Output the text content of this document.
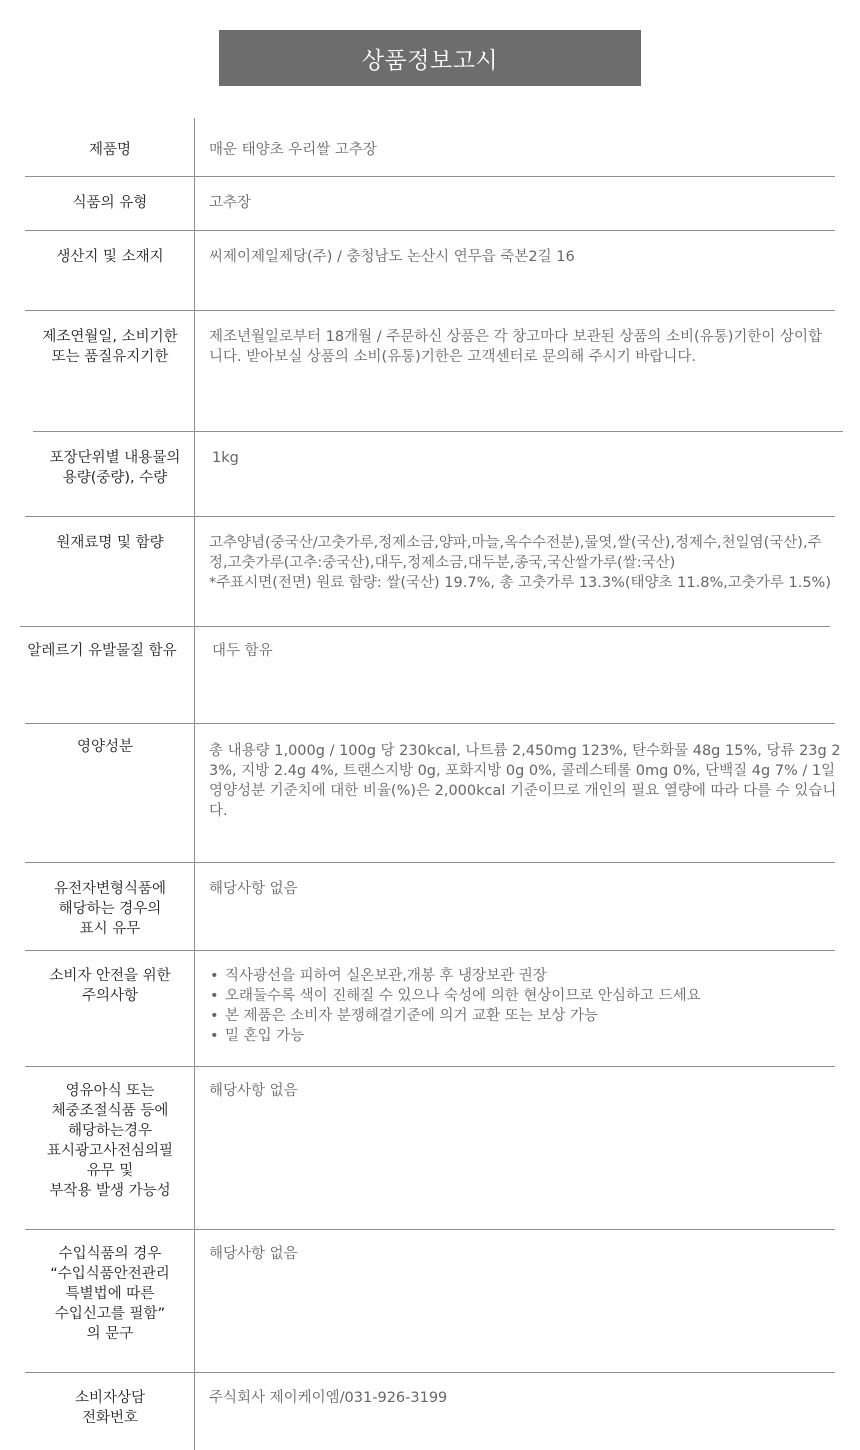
상품정보고시
제품명
식품의 유형
생산지 및 소재지
제조연월일, 소비기한
또는 품질유지기한
포장단위별 내용물의
용량(중량), 수량
원재료명 및 함량
알레르기 유발물질 함유
영양성분
유전자변형식품에
해당하는 경우의
표시 유무
소비자 안전을 위한
주의사항
영유아식 또는
체중조절식품 등에
해당하는경우
표시광고사전심의필
유무 및
부작용 발생 가능성
수입식품의 경우
“수입식품안전관리
특별법에 따른
수입신고를 필함”
의 문구
소비자상담
전화번호
매운 태양초 우리쌀 고추장
고추장
씨제이제일제당(주) / 충청남도 논산시 연무읍 죽본2길 16
제조년월일로부터 18개월 / 주문하신 상품은 각 창고마다 보관된 상품의 소비(유통)기한이 상이합니다. 받아보실 상품의 소비(유통)기한은 고객센터로 문의해 주시기 바랍니다.
1kg
고추양념(중국산/고춧가루,정제소금,양파,마늘,옥수수전분),물엿,쌀(국산),정제수,천일염(국산),주정,고춧가루(고추:중국산),대두,정제소금,대두분,종국,국산쌀가루(쌀:국산)
*주표시면(전면) 원료 함량: 쌀(국산) 19.7%, 총 고춧가루 13.3%(태양초 11.8%,고춧가루 1.5%)
대두 함유
총 내용량 1,000g / 100g 당 230kcal, 나트륨 2,450mg 123%, 탄수화물 48g 15%, 당류 23g 23%, 지방 2.4g 4%, 트랜스지방 0g, 포화지방 0g 0%, 콜레스테롤 0mg 0%, 단백질 4g 7% / 1일 영양성분 기준치에 대한 비율(%)은 2,000kcal 기준이므로 개인의 필요 열량에 따라 다를 수 있습니다.
해당사항 없음
• 직사광선을 피하여 실온보관,개봉 후 냉장보관 권장
• 오래둘수록 색이 진해질 수 있으나 숙성에 의한 현상이므로 안심하고 드세요
• 본 제품은 소비자 분쟁해결기준에 의거 교환 또는 보상 가능
• 밀 혼입 가능
해당사항 없음
해당사항 없음
주식회사 제이케이엠/031-926-3199
